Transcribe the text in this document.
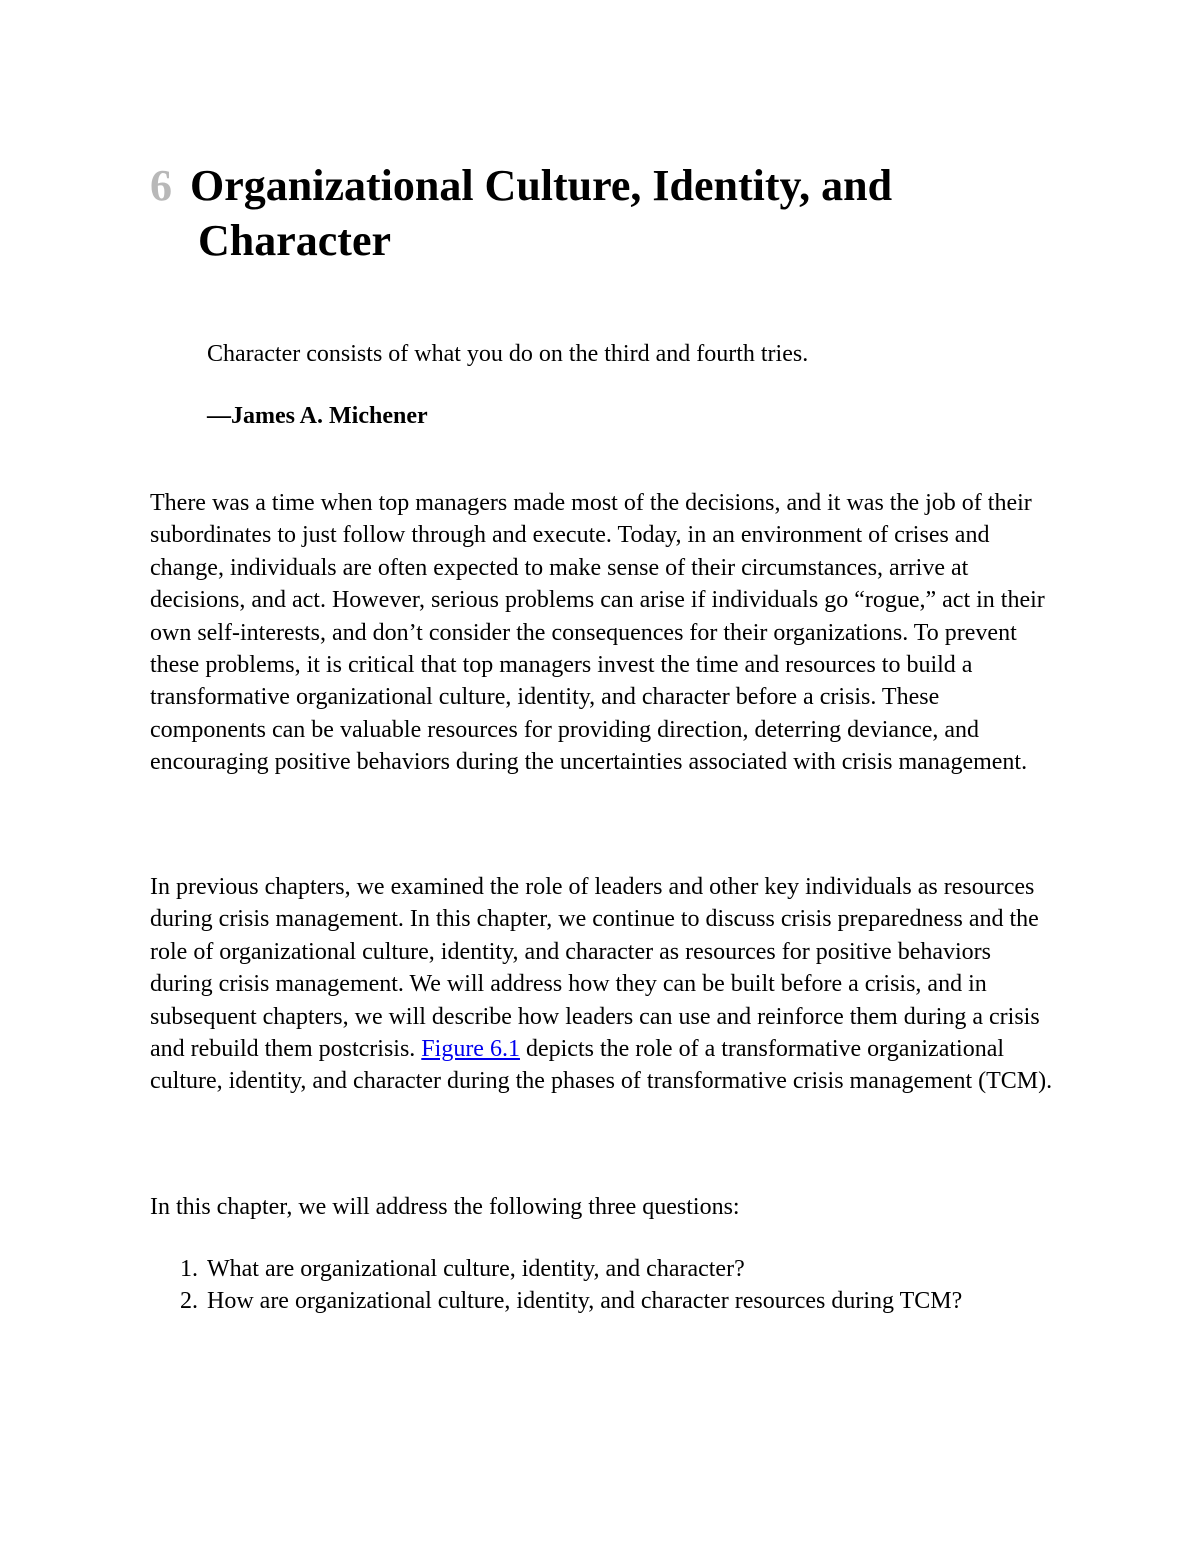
6 Organizational Culture, Identity, and
Character

Character consists of what you do on the third and fourth tries.

—James A. Michener

There was a time when top managers made most of the decisions, and it was the job of their subordinates to just follow through and execute. Today, in an environment of crises and change, individuals are often expected to make sense of their circumstances, arrive at decisions, and act. However, serious problems can arise if individuals go “rogue,” act in their own self-interests, and don’t consider the consequences for their organizations. To prevent these problems, it is critical that top managers invest the time and resources to build a transformative organizational culture, identity, and character before a crisis. These components can be valuable resources for providing direction, deterring deviance, and encouraging positive behaviors during the uncertainties associated with crisis management.

In previous chapters, we examined the role of leaders and other key individuals as resources during crisis management. In this chapter, we continue to discuss crisis preparedness and the role of organizational culture, identity, and character as resources for positive behaviors during crisis management. We will address how they can be built before a crisis, and in subsequent chapters, we will describe how leaders can use and reinforce them during a crisis and rebuild them postcrisis. Figure 6.1 depicts the role of a transformative organizational culture, identity, and character during the phases of transformative crisis management (TCM).

In this chapter, we will address the following three questions:

1. What are organizational culture, identity, and character?
2. How are organizational culture, identity, and character resources during TCM?
